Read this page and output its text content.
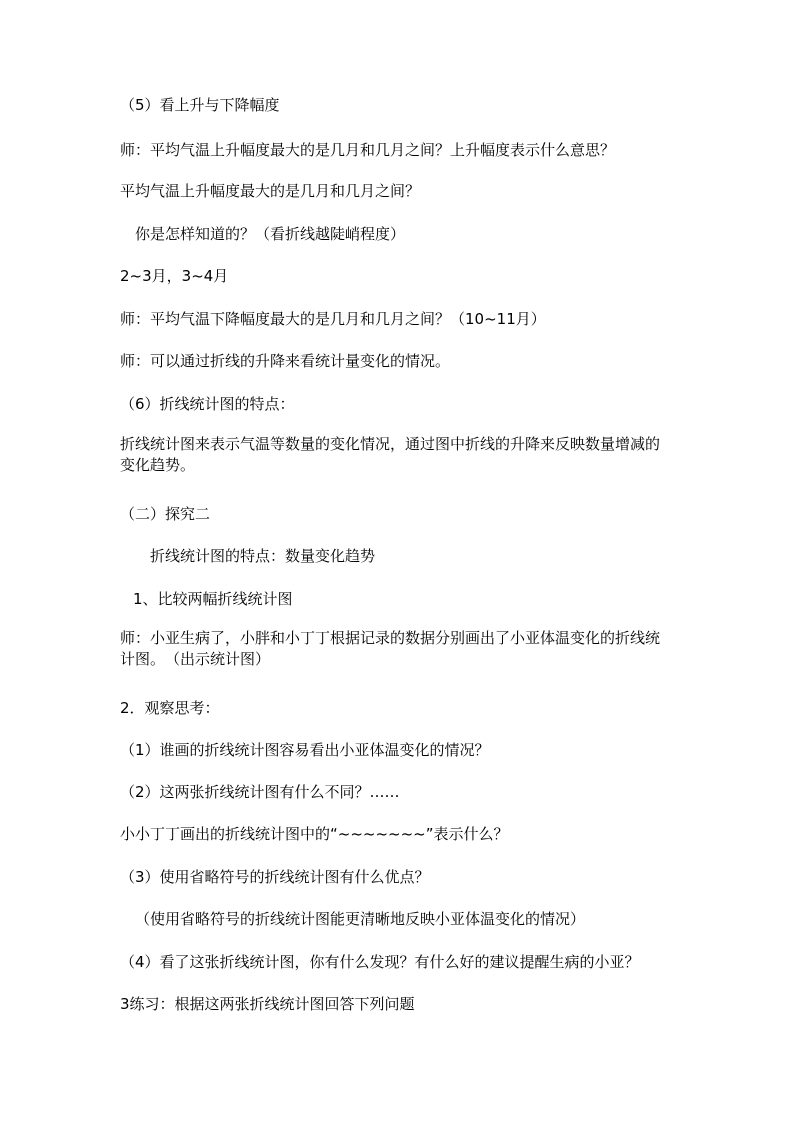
（5）看上升与下降幅度
师：平均气温上升幅度最大的是几月和几月之间？上升幅度表示什么意思？
平均气温上升幅度最大的是几月和几月之间？
你是怎样知道的？（看折线越陡峭程度）
2~3月，3~4月
师：平均气温下降幅度最大的是几月和几月之间？（10~11月）
师：可以通过折线的升降来看统计量变化的情况。
（6）折线统计图的特点：
折线统计图来表示气温等数量的变化情况，通过图中折线的升降来反映数量增减的变化趋势。
（二）探究二
折线统计图的特点：数量变化趋势
1、比较两幅折线统计图
师：小亚生病了，小胖和小丁丁根据记录的数据分别画出了小亚体温变化的折线统计图。　（出示统计图）
2．观察思考：
（1）谁画的折线统计图容易看出小亚体温变化的情况？
（2）这两张折线统计图有什么不同？……
小小丁丁画出的折线统计图中的“~~~~~~~”表示什么？
（3）使用省略符号的折线统计图有什么优点？
（使用省略符号的折线统计图能更清晰地反映小亚体温变化的情况）
（4）看了这张折线统计图，你有什么发现？有什么好的建议提醒生病的小亚？
3练习：根据这两张折线统计图回答下列问题
